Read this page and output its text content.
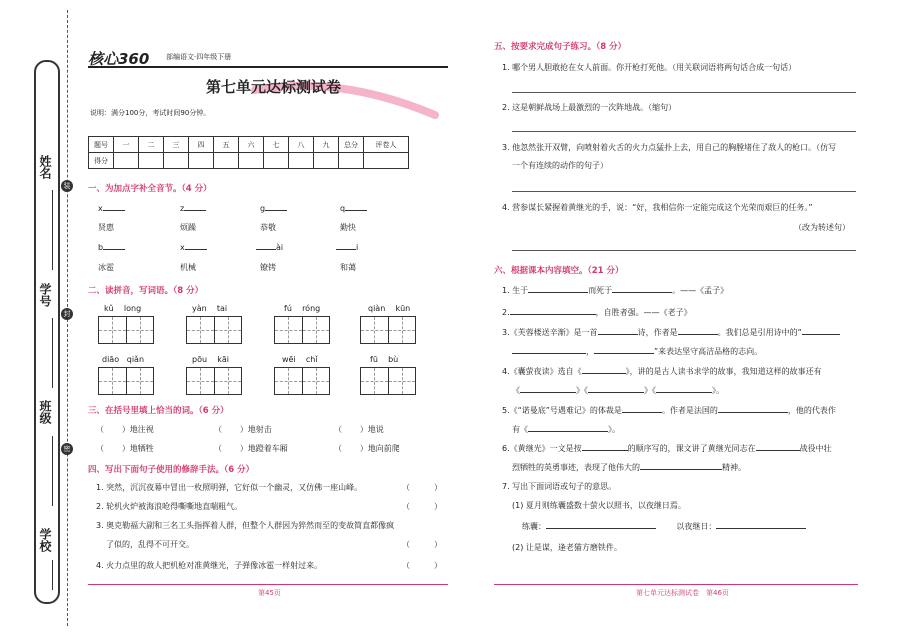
姓名
学号
班级
学校
装
封
密
核心360 部编语文·四年级下册
第七单元达标测试卷
说明：满分100分，考试时间90分钟。
题号	一	二	三	四	五	六	七	八	九	总分	评卷人
得分											
一、为加点字补全音节。（4 分）
x	z	g	q
贤惠	烦躁	恭敬	勤快
b	x	ài	i
冰雹	机械	镣铐	和蔼
二、读拼音，写词语。（8 分）
kǔ long	yàn tai	fú róng	qiàn kūn
diāo qiǎn	pōu kāi	wēi chǐ	fū bù
三、在括号里填上恰当的词。（6 分）
（ ）地注视	（ ）地射击	（ ）地说
（ ）地牺牲	（ ）地蹬着车厢	（ ）地向前爬
四、写出下面句子使用的修辞手法。（6 分）
1. 突然，沉沉夜幕中冒出一枚照明弹，它好似一个幽灵，又仿佛一座山峰。	（　　　）
2. 轮机火炉被海浪呛得嘶嘶地直喘粗气。	（　　　）
3. 奥克勒福大副和三名工头指挥着人群，但整个人群因为猝然而至的变故简直都像疯
了似的，乱得不可开交。	（　　　）
4. 火力点里的敌人把机枪对准黄继光，子弹像冰雹一样射过来。	（　　　）
第45页
五、按要求完成句子练习。（8 分）
1. 哪个男人胆敢抢在女人前面。你开枪打死他。（用关联词语将两句话合成一句话）
2. 这是朝鲜战场上最激烈的一次阵地战。（缩句）
3. 他忽然张开双臂，向喷射着火舌的火力点猛扑上去，用自己的胸膛堵住了敌人的枪口。（仿写
一个有连续的动作的句子）
4. 营参谋长紧握着黄继光的手，说：“好，我相信你一定能完成这个光荣而艰巨的任务。”
（改为转述句）
六、根据课本内容填空。（21 分）
1. 生于	而死于	。——《孟子》
2.	，自胜者强。——《老子》
3.《芙蓉楼送辛渐》是一首	诗，作者是	。我们总是引用诗中的“
，	”来表达坚守高洁品格的志向。
4.《囊萤夜读》选自《	》，讲的是古人读书求学的故事，我知道这样的故事还有
《	》《	》《	》。
5.《“诺曼底”号遇难记》的体裁是	。作者是法国的	，他的代表作
有《	》。
6.《黄继光》一文是按	的顺序写的，课文讲了黄继光同志在	战役中壮
烈牺牲的英勇事迹，表现了他伟大的	精神。
7. 写出下面词语或句子的意思。
(1) 夏月则练囊盛数十萤火以照书，以夜继日焉。
练囊：	以夜继日：
(2) 让是谋，逢老猫方磨铁件。
第七单元达标测试卷　第46页
